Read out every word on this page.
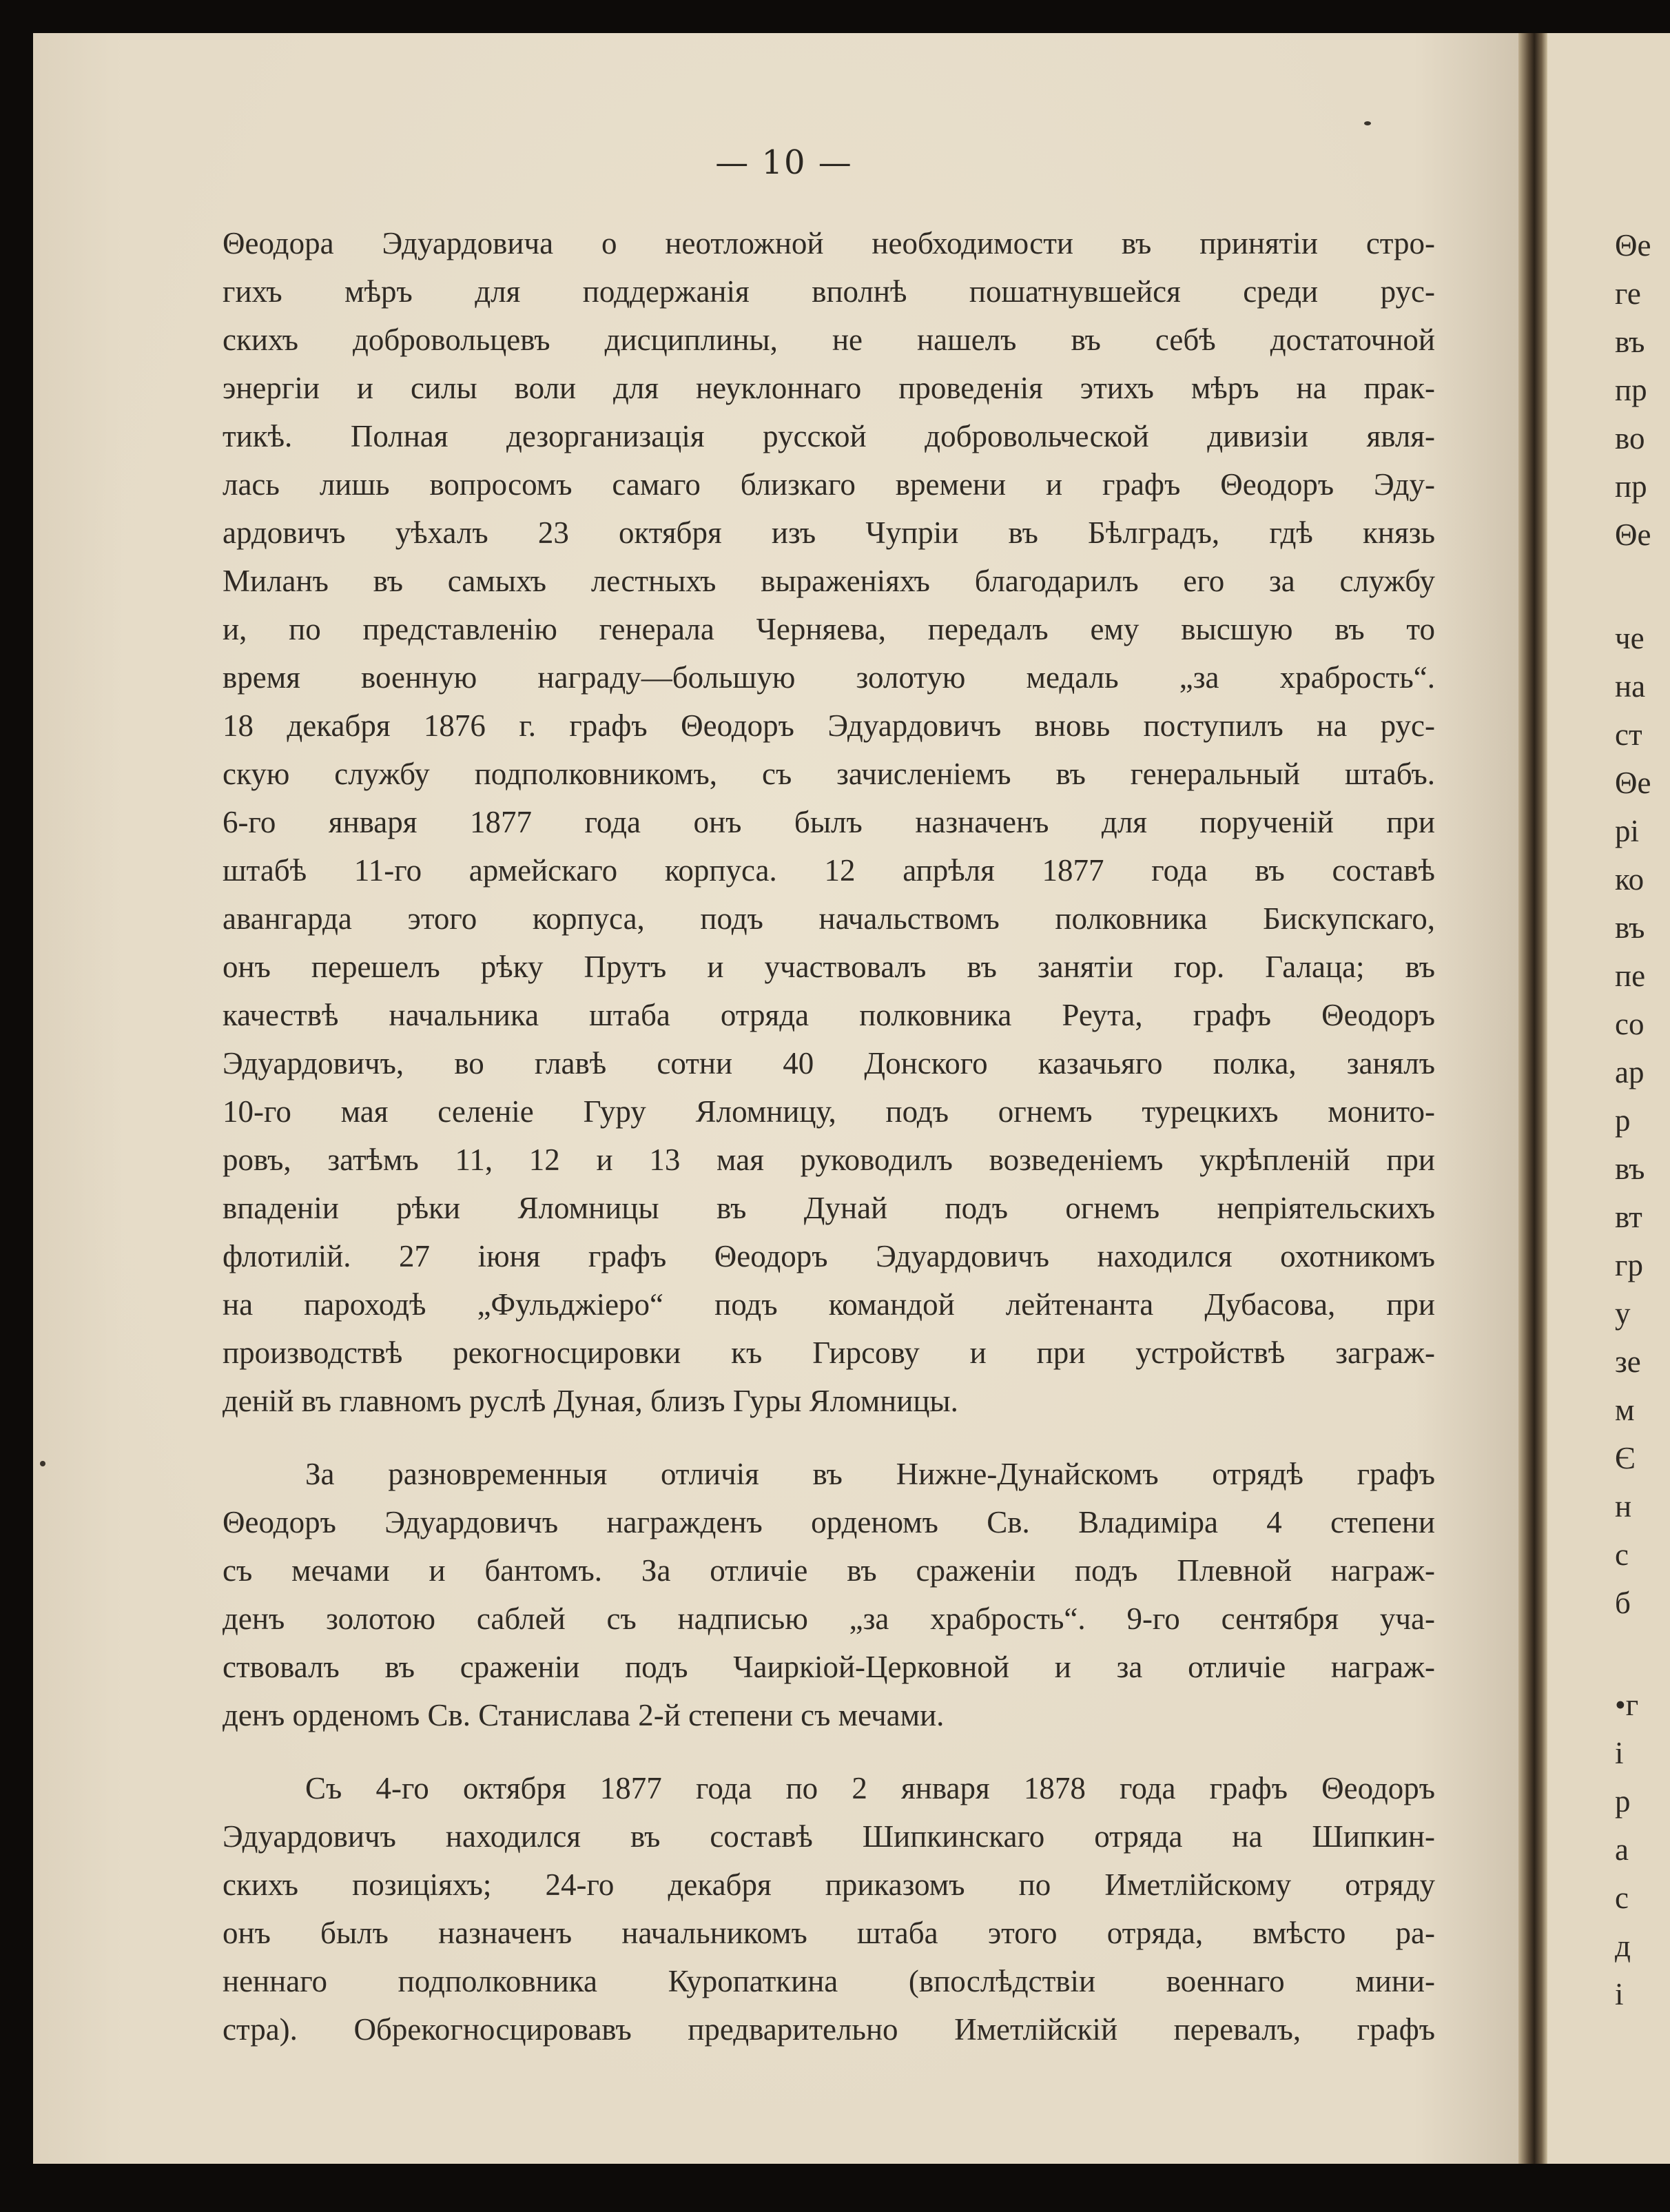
— 10 —
Θеодора Эдуардовича о неотложной необходимости въ принятіи стро-
гихъ мѣръ для поддержанія вполнѣ пошатнувшейся среди рус-
скихъ добровольцевъ дисциплины, не нашелъ въ себѣ достаточной
энергіи и силы воли для неуклоннаго проведенія этихъ мѣръ на прак-
тикѣ. Полная дезорганизація русской добровольческой дивизіи явля-
лась лишь вопросомъ самаго близкаго времени и графъ Θеодоръ Эду-
ардовичъ уѣхалъ 23 октября изъ Чупріи въ Бѣлградъ, гдѣ князь
Миланъ въ самыхъ лестныхъ выраженіяхъ благодарилъ его за службу
и, по представленію генерала Черняева, передалъ ему высшую въ то
время военную награду—большую золотую медаль „за храбрость“.
18 декабря 1876 г. графъ Θеодоръ Эдуардовичъ вновь поступилъ на рус-
скую службу подполковникомъ, съ зачисленіемъ въ генеральный штабъ.
6-го января 1877 года онъ былъ назначенъ для порученій при
штабѣ 11-го армейскаго корпуса. 12 апрѣля 1877 года въ составѣ
авангарда этого корпуса, подъ начальствомъ полковника Бискупскаго,
онъ перешелъ рѣку Прутъ и участвовалъ въ занятіи гор. Галаца; въ
качествѣ начальника штаба отряда полковника Реута, графъ Θеодоръ
Эдуардовичъ, во главѣ сотни 40 Донского казачьяго полка, занялъ
10-го мая селеніе Гуру Яломницу, подъ огнемъ турецкихъ монито-
ровъ, затѣмъ 11, 12 и 13 мая руководилъ возведеніемъ укрѣпленій при
впаденіи рѣки Яломницы въ Дунай подъ огнемъ непріятельскихъ
флотилій. 27 іюня графъ Θеодоръ Эдуардовичъ находился охотникомъ
на пароходѣ „Фульджіеро“ подъ командой лейтенанта Дубасова, при
производствѣ рекогносцировки къ Гирсову и при устройствѣ заграж-
деній въ главномъ руслѣ Дуная, близъ Гуры Яломницы.
За разновременныя отличія въ Нижне-Дунайскомъ отрядѣ графъ
Θеодоръ Эдуардовичъ награжденъ орденомъ Св. Владиміра 4 степени
съ мечами и бантомъ. За отличіе въ сраженіи подъ Плевной награж-
денъ золотою саблей съ надписью „за храбрость“. 9-го сентября уча-
ствовалъ въ сраженіи подъ Чаиркіой-Церковной и за отличіе награж-
денъ орденомъ Св. Станислава 2-й степени съ мечами.
Съ 4-го октября 1877 года по 2 января 1878 года графъ Θеодоръ
Эдуардовичъ находился въ составѣ Шипкинскаго отряда на Шипкин-
скихъ позиціяхъ; 24-го декабря приказомъ по Иметлійскому отряду
онъ былъ назначенъ начальникомъ штаба этого отряда, вмѣсто ра-
неннаго подполковника Куропаткина (впослѣдствіи военнаго мини-
стра). Обрекогносцировавъ предварительно Иметлійскій перевалъ, графъ
Θе
ге
въ
пр
во
пр
Θе
че
на
ст
Θе
рі
ко
въ
пе
со
ар
р
въ
вт
гр
у
зе
м
Є
н
с
б
•г
і
р
а
с
д
і
